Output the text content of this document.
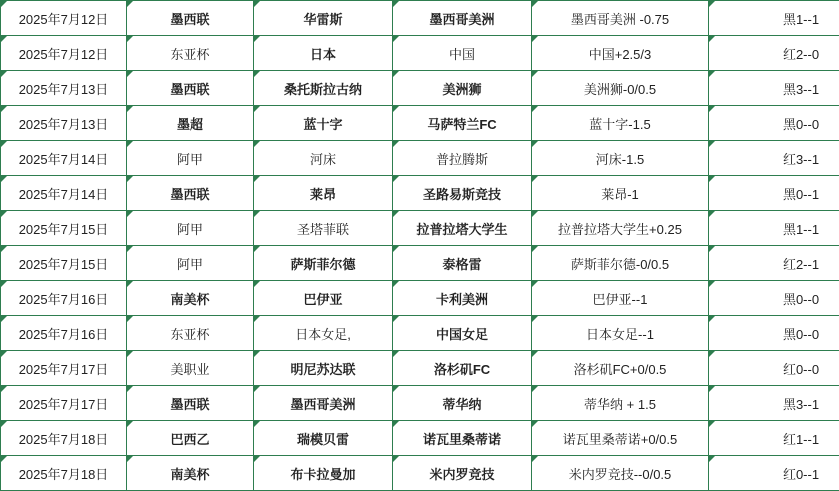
2025年7月12日	墨西联	华雷斯	墨西哥美洲	墨西哥美洲 -0.75	黑1--1
2025年7月12日	东亚杯	日本	中国	中国+2.5/3	红2--0
2025年7月13日	墨西联	桑托斯拉古纳	美洲狮	美洲狮-0/0.5	黑3--1
2025年7月13日	墨超	蓝十字	马萨特兰FC	蓝十字-1.5	黑0--0
2025年7月14日	阿甲	河床	普拉腾斯	河床-1.5	红3--1
2025年7月14日	墨西联	莱昂	圣路易斯竞技	莱昂-1	黑0--1
2025年7月15日	阿甲	圣塔菲联	拉普拉塔大学生	拉普拉塔大学生+0.25	黑1--1
2025年7月15日	阿甲	萨斯菲尔德	泰格雷	萨斯菲尔德-0/0.5	红2--1
2025年7月16日	南美杯	巴伊亚	卡利美洲	巴伊亚--1	黑0--0
2025年7月16日	东亚杯	日本女足,	中国女足	日本女足--1	黑0--0
2025年7月17日	美职业	明尼苏达联	洛杉矶FC	洛杉矶FC+0/0.5	红0--0
2025年7月17日	墨西联	墨西哥美洲	蒂华纳	蒂华纳 + 1.5	黑3--1
2025年7月18日	巴西乙	瑞模贝雷	诺瓦里桑蒂诺	诺瓦里桑蒂诺+0/0.5	红1--1
2025年7月18日	南美杯	布卡拉曼加	米内罗竞技	米内罗竞技--0/0.5	红0--1
